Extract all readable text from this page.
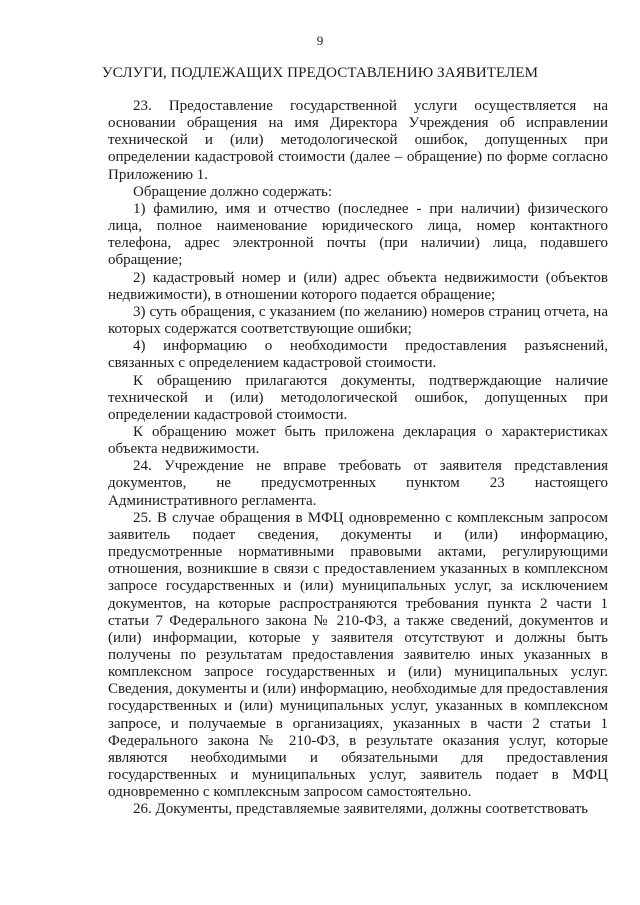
9
УСЛУГИ, ПОДЛЕЖАЩИХ ПРЕДОСТАВЛЕНИЮ ЗАЯВИТЕЛЕМ

23. Предоставление государственной услуги осуществляется на основании обращения на имя Директора Учреждения об исправлении технической и (или) методологической ошибок, допущенных при определении кадастровой стоимости (далее – обращение) по форме согласно Приложению 1.

Обращение должно содержать:

1) фамилию, имя и отчество (последнее - при наличии) физического лица, полное наименование юридического лица, номер контактного телефона, адрес электронной почты (при наличии) лица, подавшего обращение;

2) кадастровый номер и (или) адрес объекта недвижимости (объектов недвижимости), в отношении которого подается обращение;

3) суть обращения, с указанием (по желанию) номеров страниц отчета, на которых содержатся соответствующие ошибки;

4) информацию о необходимости предоставления разъяснений, связанных с определением кадастровой стоимости.

К обращению прилагаются документы, подтверждающие наличие технической и (или) методологической ошибок, допущенных при определении кадастровой стоимости.

К обращению может быть приложена декларация о характеристиках объекта недвижимости.

24. Учреждение не вправе требовать от заявителя представления документов, не предусмотренных пунктом 23 настоящего Административного регламента.

25. В случае обращения в МФЦ одновременно с комплексным запросом заявитель подает сведения, документы и (или) информацию, предусмотренные нормативными правовыми актами, регулирующими отношения, возникшие в связи с предоставлением указанных в комплексном запросе государственных и (или) муниципальных услуг, за исключением документов, на которые распространяются требования пункта 2 части 1 статьи 7 Федерального закона № 210-ФЗ, а также сведений, документов и (или) информации, которые у заявителя отсутствуют и должны быть получены по результатам предоставления заявителю иных указанных в комплексном запросе государственных и (или) муниципальных услуг. Сведения, документы и (или) информацию, необходимые для предоставления государственных и (или) муниципальных услуг, указанных в комплексном запросе, и получаемые в организациях, указанных в части 2 статьи 1 Федерального закона № 210-ФЗ, в результате оказания услуг, которые являются необходимыми и обязательными для предоставления государственных и муниципальных услуг, заявитель подает в МФЦ одновременно с комплексным запросом самостоятельно.

26. Документы, представляемые заявителями, должны соответствовать
